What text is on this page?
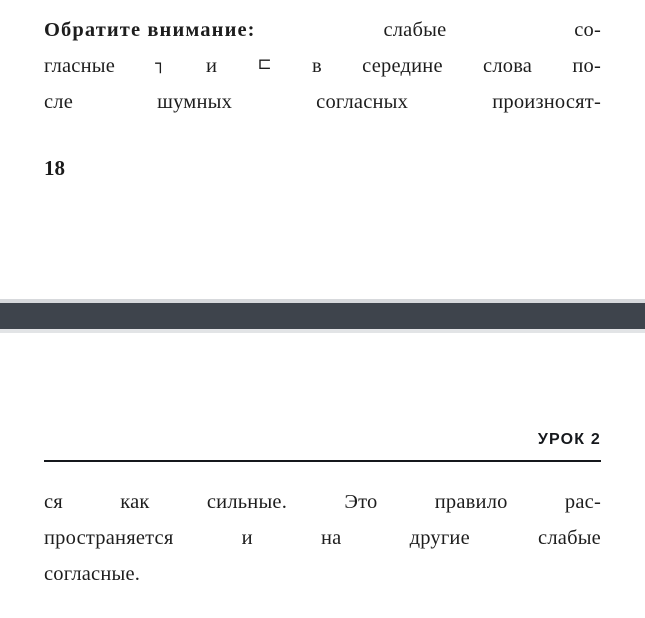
Обратите внимание:	слабые	со-
гласные ┐ и ⊏ в середине слова по-
сле	шумных	согласных	произносят-
18
УРОК 2
ся	как	сильные.	Это	правило	рас-
пространяется	и	на	другие	слабые
согласные.
